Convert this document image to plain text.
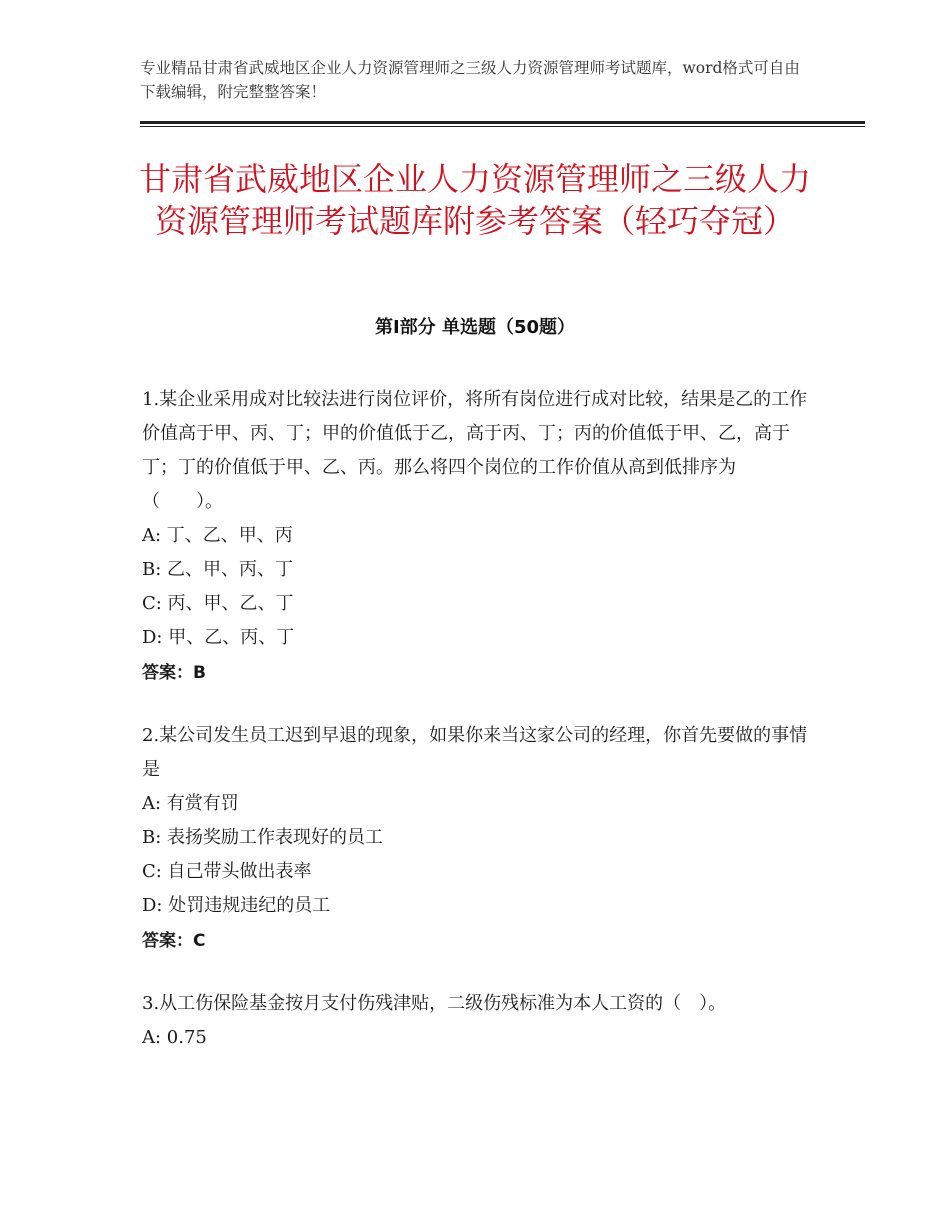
专业精品甘肃省武威地区企业人力资源管理师之三级人力资源管理师考试题库，word格式可自由下载编辑，附完整整答案！
甘肃省武威地区企业人力资源管理师之三级人力资源管理师考试题库附参考答案（轻巧夺冠）
第Ⅰ部分 单选题（50题）
1.某企业采用成对比较法进行岗位评价，将所有岗位进行成对比较，结果是乙的工作价值高于甲、丙、丁；甲的价值低于乙，高于丙、丁；丙的价值低于甲、乙，高于丁；丁的价值低于甲、乙、丙。那么将四个岗位的工作价值从高到低排序为（　　）。
A: 丁、乙、甲、丙
B: 乙、甲、丙、丁
C: 丙、甲、乙、丁
D: 甲、乙、丙、丁
答案：B
2.某公司发生员工迟到早退的现象，如果你来当这家公司的经理，你首先要做的事情是
A: 有赏有罚
B: 表扬奖励工作表现好的员工
C: 自己带头做出表率
D: 处罚违规违纪的员工
答案：C
3.从工伤保险基金按月支付伤残津贴，二级伤残标准为本人工资的（　）。
A: 0.75
